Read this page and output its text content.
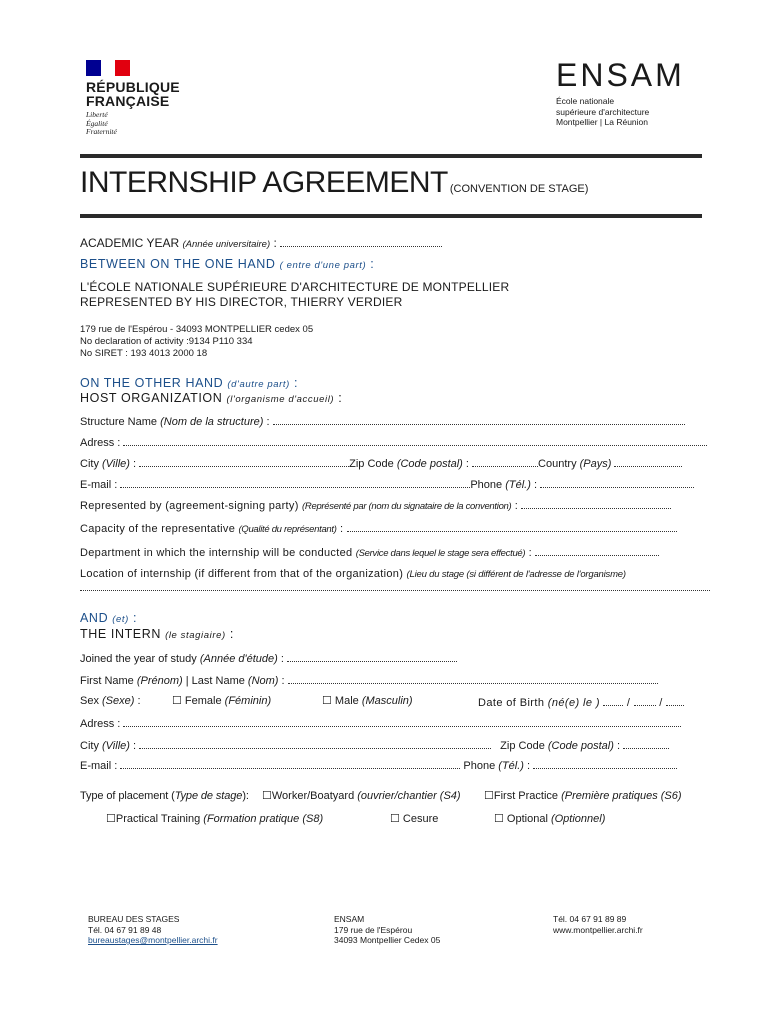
RÉPUBLIQUE
FRANÇAISE
Liberté
Égalité
Fraternité
ENSAM
École nationale
supérieure d'architecture
Montpellier | La Réunion
INTERNSHIP AGREEMENT (CONVENTION DE STAGE)
ACADEMIC YEAR (Année universitaire) :
BETWEEN ON THE ONE HAND ( entre d'une part) :
L'ÉCOLE NATIONALE SUPÉRIEURE D'ARCHITECTURE DE MONTPELLIER
REPRESENTED BY HIS DIRECTOR, THIERRY VERDIER
179 rue de l'Espérou - 34093 MONTPELLIER cedex 05
No declaration of activity :9134 P110 334
No SIRET : 193 4013 2000 18
ON THE OTHER HAND (d'autre part) :
HOST ORGANIZATION (l'organisme d'accueil) :
Structure Name (Nom de la structure) :
Adress :
City (Ville) :	Zip Code (Code postal) :	Country (Pays)
E-mail :	Phone (Tél.) :
Represented by (agreement-signing party) (Représenté par (nom du signataire de la convention) :
Capacity of the representative (Qualité du représentant) :
Department in which the internship will be conducted (Service dans lequel le stage sera effectué) :
Location of internship (if different from that of the organization) (Lieu du stage (si différent de l'adresse de l'organisme)
AND (et) :
THE INTERN (le stagiaire) :
Joined the year of study (Année d'étude) :
First Name (Prénom) | Last Name (Nom) :
Sex (Sexe) :	☐ Female (Féminin)	☐ Male (Masculin)	Date of Birth (né(e) le ) /	/
Adress :
City (Ville) :	Zip Code (Code postal) :
E-mail :	Phone (Tél.) :
Type of placement (Type de stage): ☐Worker/Boatyard (ouvrier/chantier (S4) ☐First Practice (Première pratiques (S6)
☐Practical Training (Formation pratique (S8)	☐ Cesure	☐ Optional (Optionnel)
BUREAU DES STAGES
Tél. 04 67 91 89 48
bureaustages@montpellier.archi.fr
ENSAM
179 rue de l'Espérou
34093 Montpellier Cedex 05
Tél. 04 67 91 89 89
www.montpellier.archi.fr
